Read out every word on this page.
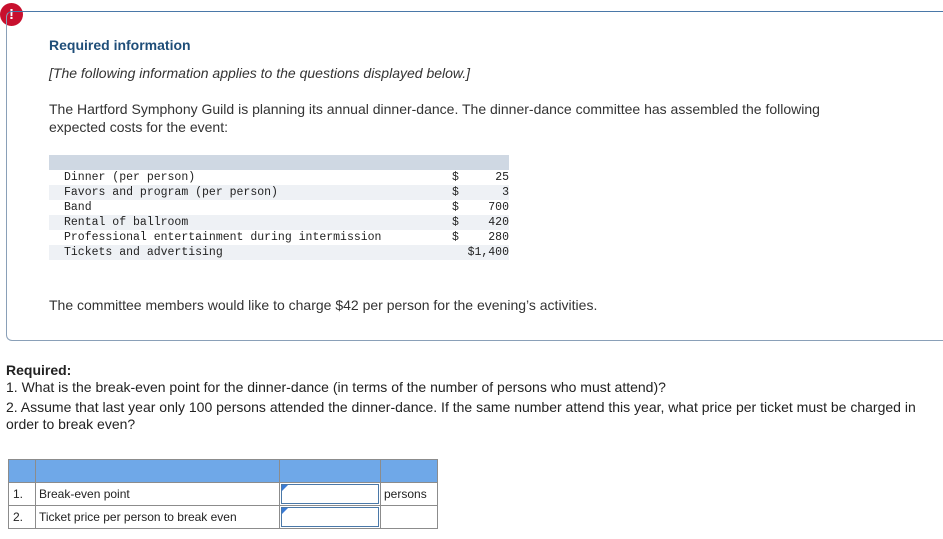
!
Required information
[The following information applies to the questions displayed below.]
The Hartford Symphony Guild is planning its annual dinner-dance. The dinner-dance committee has assembled the following expected costs for the event:
Dinner (per person)	$	25
Favors and program (per person)	$	3
Band	$	700
Rental of ballroom	$	420
Professional entertainment during intermission	$	280
Tickets and advertising	$1,400
The committee members would like to charge $42 per person for the evening’s activities.
Required:
1. What is the break-even point for the dinner-dance (in terms of the number of persons who must attend)?
2. Assume that last year only 100 persons attended the dinner-dance. If the same number attend this year, what price per ticket must be charged in order to break even?

1.	Break-even point		persons
2.	Ticket price per person to break even	
